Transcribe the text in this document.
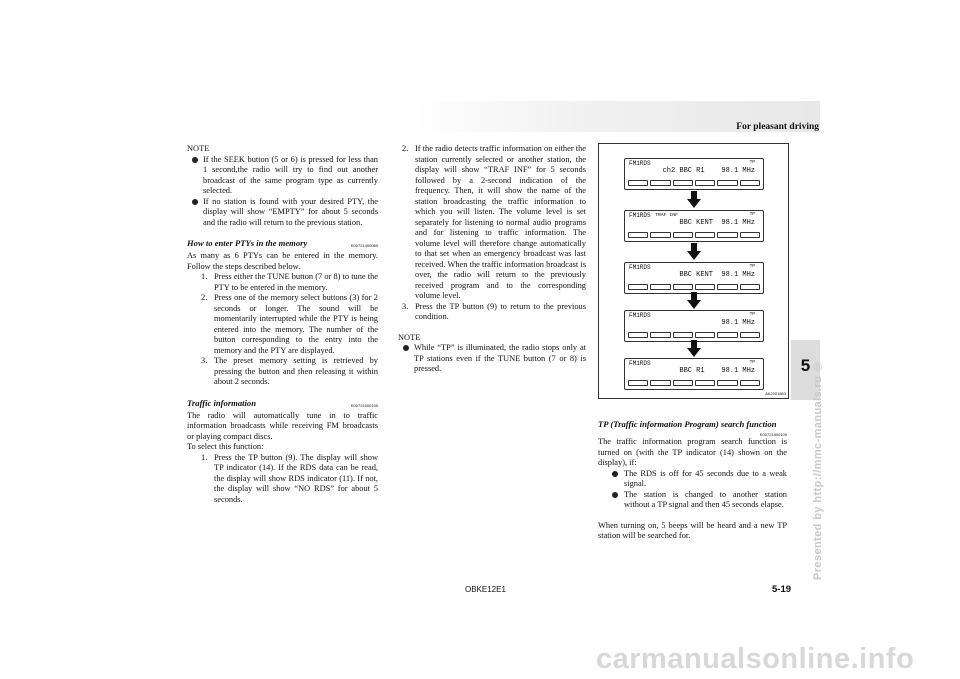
For pleasant driving
5 Presented by http://mmc-manuals.ru ©

NOTE

If the SEEK button (5 or 6) is pressed for less than 1 second,the radio will try to find out another broadcast of the same program type as currently selected.

If no station is found with your desired PTY, the display will show “EMPTY” for about 5 seconds and the radio will return to the previous station.

How to enter PTYs in the memory	E00721400089

As many as 6 PTYs can be entered in the memory. Follow the steps described below.

1. Press either the TUNE button (7 or 8) to tune the PTY to be entered in the memory.

2. Press one of the memory select buttons (3) for 2 seconds or longer. The sound will be momentarily interrupted while the PTY is being entered into the memory. The number of the button corresponding to the entry into the memory and the PTY are displayed.

3. The preset memory setting is retrieved by pressing the button and then releasing it within about 2 seconds.

Traffic information	E00721600195

The radio will automatically tune in to traffic information broadcasts while receiving FM broadcasts or playing compact discs.

To select this function:

1. Press the TP button (9). The display will show TP indicator (14). If the RDS data can be read, the display will show RDS indicator (11). If not, the display will show “NO RDS” for about 5 seconds.

2. If the radio detects traffic information on either the station currently selected or another station, the display will show “TRAF INF” for 5 seconds followed by a 2-second indication of the frequency. Then, it will show the name of the station broadcasting the traffic information to which you will listen. The volume level is set separately for listening to normal audio programs and for listening to traffic information. The volume level will therefore change automatically to that set when an emergency broadcast was last received. When the traffic information broadcast is over, the radio will return to the previously received program and to the corresponding volume level.

3. Press the TP button (9) to return to the previous condition.

NOTE

While “TP” is illuminated, the radio stops only at TP stations even if the TUNE button (7 or 8) is pressed.

FM1RDS	TP
ch2 BBC R1    98.1 MHz
FM1RDS TRAF INF	TP
BBC KENT  98.1 MHz
FM1RDS	TP
BBC KENT  98.1 MHz
FM1RDS	TP
98.1 MHz
FM1RDS	TP
BBC R1    98.1 MHz
AA2001863

TP (Traffic information Program) search function
E00721800109

The traffic information program search function is turned on (with the TP indicator (14) shown on the display), if:

The RDS is off for 45 seconds due to a weak signal.

The station is changed to another station without a TP signal and then 45 seconds elapse.

When turning on, 5 beeps will be heard and a new TP station will be searched for.

OBKE12E1	5-19
carmanualsonline.info
